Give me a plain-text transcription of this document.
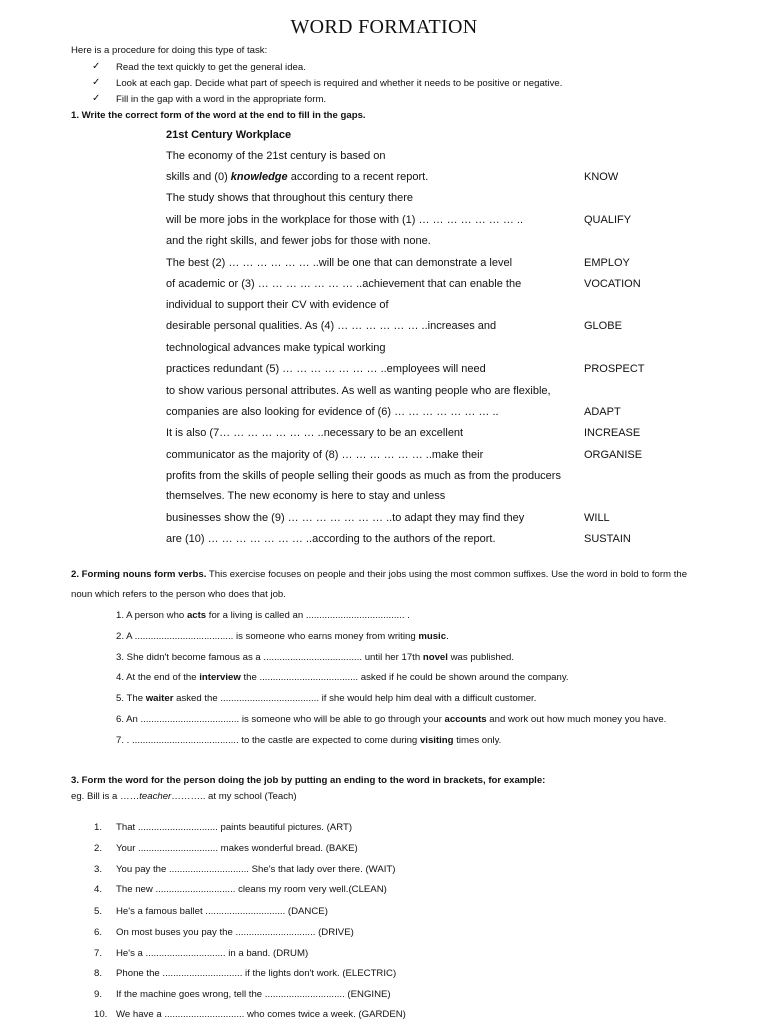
WORD FORMATION
Here is a procedure for doing this type of task:
✓ Read the text quickly to get the general idea.
✓ Look at each gap. Decide what part of speech is required and whether it needs to be positive or negative.
✓ Fill in the gap with a word in the appropriate form.
1. Write the correct form of the word at the end to fill in the gaps.
21st Century Workplace
The economy of the 21st century is based on
skills and (0) knowledge according to a recent report.	KNOW
The study shows that throughout this century there
will be more jobs in the workplace for those with (1) … … … … … … … ..	QUALIFY
and the right skills, and fewer jobs for those with none.
The best (2) … … … … … … ..will be one that can demonstrate a level	EMPLOY
of academic or (3) … … … … … … … ..achievement that can enable the	VOCATION
individual to support their CV with evidence of
desirable personal qualities. As (4) … … … … … … ..increases and	GLOBE
technological advances make typical working
practices redundant (5) … … … … … … … ..employees will need	PROSPECT
to show various personal attributes. As well as wanting people who are flexible,
companies are also looking for evidence of (6) … … … … … … … ..	ADAPT
It is also (7… … … … … … … ..necessary to be an excellent	INCREASE
communicator as the majority of (8) … … … … … … ..make their	ORGANISE
profits from the skills of people selling their goods as much as from the producers
themselves. The new economy is here to stay and unless
businesses show the (9) … … … … … … … ..to adapt they may find they	WILL
are (10) … … … … … … … ..according to the authors of the report.	SUSTAIN
2. Forming nouns form verbs. This exercise focuses on people and their jobs using the most common suffixes. Use the word in bold to form the
noun which refers to the person who does that job.
1. A person who acts for a living is called an ..................................... .
2. A ..................................... is someone who earns money from writing music.
3. She didn't become famous as a ..................................... until her 17th novel was published.
4. At the end of the interview the ..................................... asked if he could be shown around the company.
5. The waiter asked the ..................................... if she would help him deal with a difficult customer.
6. An ..................................... is someone who will be able to go through your accounts and work out how much money you have.
7. . ........................................ to the castle are expected to come during visiting times only.
3. Form the word for the person doing the job by putting an ending to the word in brackets, for example:
eg. Bill is a ……teacher……….. at my school (Teach)
1. That .............................. paints beautiful pictures. (ART)
2. Your .............................. makes wonderful bread. (BAKE)
3. You pay the .............................. She's that lady over there. (WAIT)
4. The new .............................. cleans my room very well.(CLEAN)
5. He's a famous ballet .............................. (DANCE)
6. On most buses you pay the .............................. (DRIVE)
7. He's a .............................. in a band. (DRUM)
8. Phone the .............................. if the lights don't work. (ELECTRIC)
9. If the machine goes wrong, tell the .............................. (ENGINE)
10. We have a .............................. who comes twice a week. (GARDEN)
